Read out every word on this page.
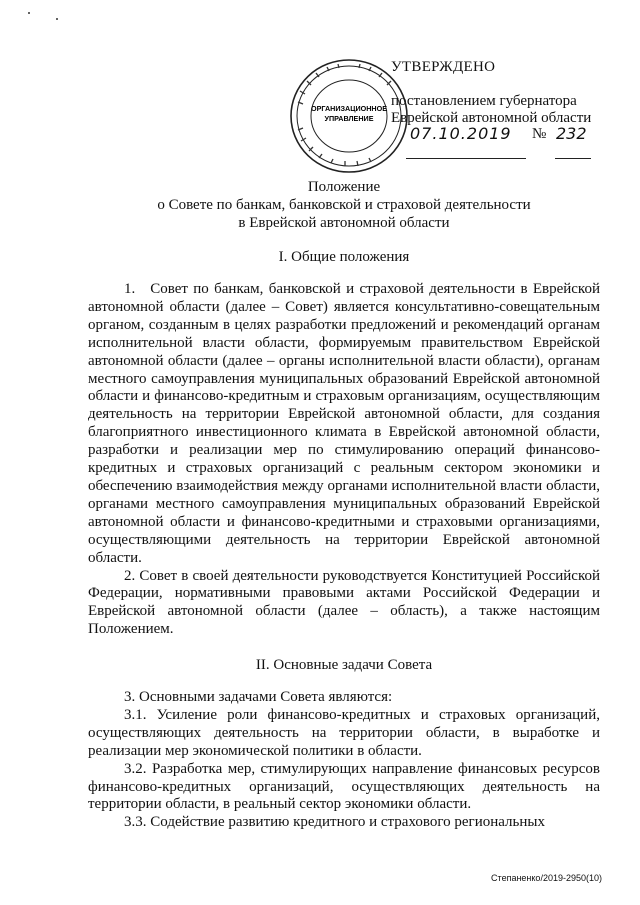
ОРГАНИЗАЦИОННОЕ
УПРАВЛЕНИЕ
УТВЕРЖДЕНО
постановлением губернатора
Еврейской автономной области
07.10.2019 № 232
Положение
о Совете по банкам, банковской и страховой деятельности
в Еврейской автономной области
I. Общие положения

1. Совет по банкам, банковской и страховой деятельности в Еврейской автономной области (далее – Совет) является консультативно-совещательным органом, созданным в целях разработки предложений и рекомендаций органам исполнительной власти области, формируемым правительством Еврейской автономной области (далее – органы исполнительной власти области), органам местного самоуправления муниципальных образований Еврейской автономной области и финансово-кредитным и страховым организациям, осуществляющим деятельность на территории Еврейской автономной области, для создания благоприятного инвестиционного климата в Еврейской автономной области, разработки и реализации мер по стимулированию операций финансово-кредитных и страховых организаций с реальным сектором экономики и обеспечению взаимодействия между органами исполнительной власти области, органами местного самоуправления муниципальных образований Еврейской автономной области и финансово-кредитными и страховыми организациями, осуществляющими деятельность на территории Еврейской автономной области.

2. Совет в своей деятельности руководствуется Конституцией Российской Федерации, нормативными правовыми актами Российской Федерации и Еврейской автономной области (далее – область), а также настоящим Положением.

II. Основные задачи Совета

3. Основными задачами Совета являются:

3.1. Усиление роли финансово-кредитных и страховых организаций, осуществляющих деятельность на территории области, в выработке и реализации мер экономической политики в области.

3.2. Разработка мер, стимулирующих направление финансовых ресурсов финансово-кредитных организаций, осуществляющих деятельность на территории области, в реальный сектор экономики области.

3.3. Содействие развитию кредитного и страхового региональных

Степаненко/2019-2950(10)
